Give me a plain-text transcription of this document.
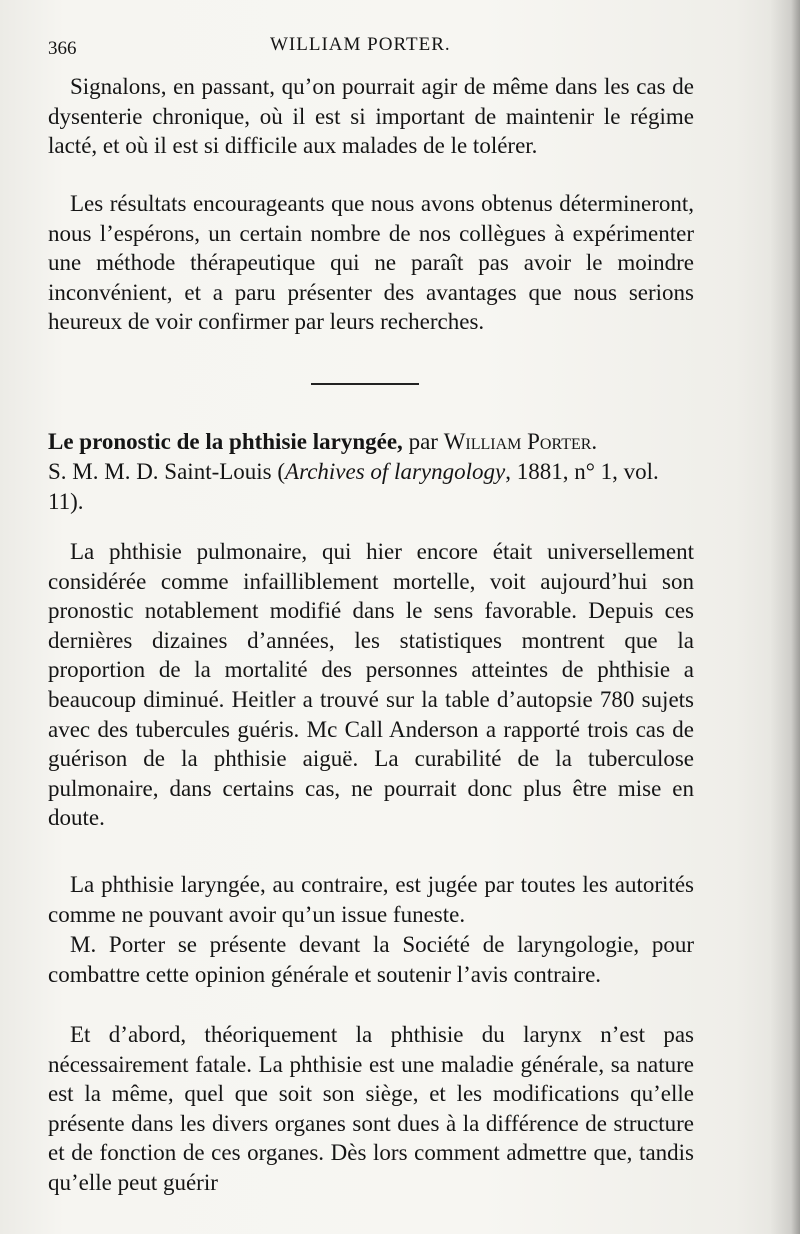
366	WILLIAM PORTER.
Signalons, en passant, qu’on pourrait agir de même dans les cas de dysenterie chronique, où il est si important de maintenir le régime lacté, et où il est si difficile aux malades de le tolérer.
Les résultats encourageants que nous avons obtenus détermineront, nous l’espérons, un certain nombre de nos collègues à expérimenter une méthode thérapeutique qui ne paraît pas avoir le moindre inconvénient, et a paru présenter des avantages que nous serions heureux de voir confirmer par leurs recherches.
Le pronostic de la phthisie laryngée, par William Porter.
S. M. M. D. Saint-Louis (Archives of laryngology, 1881, n° 1, vol. 11).
La phthisie pulmonaire, qui hier encore était universellement considérée comme infailliblement mortelle, voit aujourd’hui son pronostic notablement modifié dans le sens favorable. Depuis ces dernières dizaines d’années, les statistiques montrent que la proportion de la mortalité des personnes atteintes de phthisie a beaucoup diminué. Heitler a trouvé sur la table d’autopsie 780 sujets avec des tubercules guéris. Mc Call Anderson a rapporté trois cas de guérison de la phthisie aiguë. La curabilité de la tuberculose pulmonaire, dans certains cas, ne pourrait donc plus être mise en doute.
La phthisie laryngée, au contraire, est jugée par toutes les autorités comme ne pouvant avoir qu’un issue funeste.
M. Porter se présente devant la Société de laryngologie, pour combattre cette opinion générale et soutenir l’avis contraire.
Et d’abord, théoriquement la phthisie du larynx n’est pas nécessairement fatale. La phthisie est une maladie générale, sa nature est la même, quel que soit son siège, et les modifications qu’elle présente dans les divers organes sont dues à la différence de structure et de fonction de ces organes. Dès lors comment admettre que, tandis qu’elle peut guérir
